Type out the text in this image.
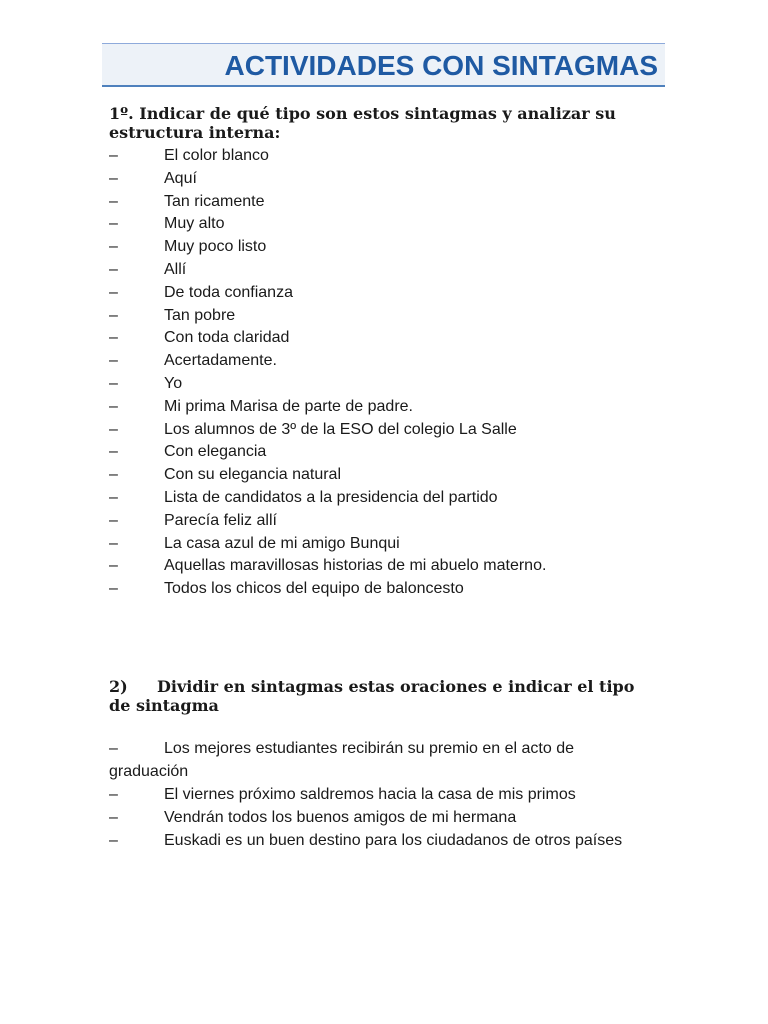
ACTIVIDADES CON SINTAGMAS

1º. Indicar de qué tipo son estos sintagmas y analizar su estructura interna:

–	El color blanco
–	Aquí
–	Tan ricamente
–	Muy alto
–	Muy poco listo
–	Allí
–	De toda confianza
–	Tan pobre
–	Con toda claridad
–	Acertadamente.
–	Yo
–	Mi prima Marisa de parte de padre.
–	Los alumnos de 3º de la ESO del colegio La Salle
–	Con elegancia
–	Con su elegancia natural
–	Lista de candidatos a la presidencia del partido
–	Parecía feliz allí
–	La casa azul de mi amigo Bunqui
–	Aquellas maravillosas historias de mi abuelo materno.
–	Todos los chicos del equipo de baloncesto

2) Dividir en sintagmas estas oraciones e indicar el tipo de sintagma

–	Los mejores estudiantes recibirán su premio en el acto de graduación
–	El viernes próximo saldremos hacia la casa de mis primos
–	Vendrán todos los buenos amigos de mi hermana
–	Euskadi es un buen destino para los ciudadanos de otros países
